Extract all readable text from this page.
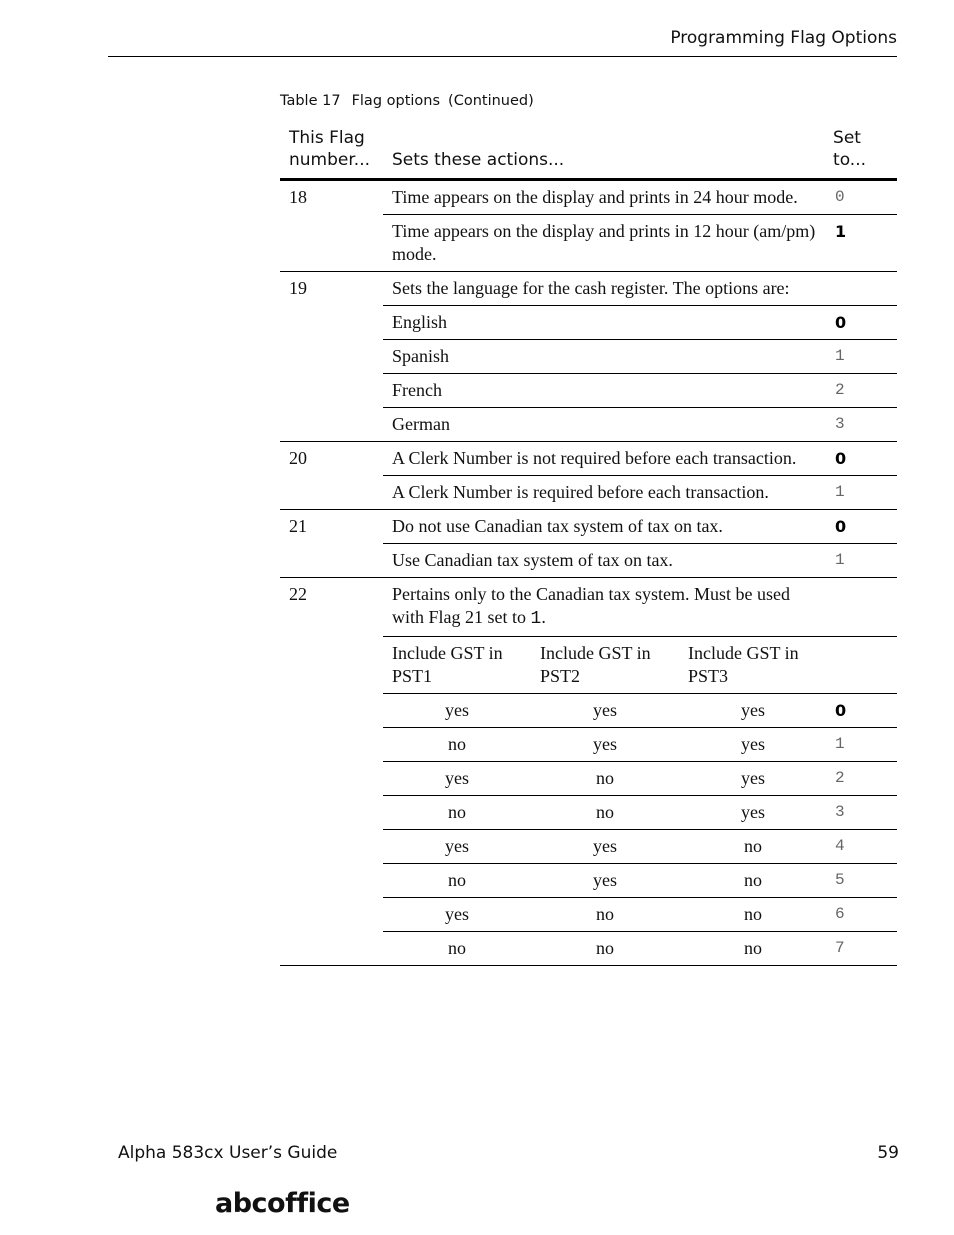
Programming Flag Options
Table 17 Flag options (Continued)
This Flag number...	Sets these actions...			Set to...
18	Time appears on the display and prints in 24 hour mode.			0
	Time appears on the display and prints in 12 hour (am/pm) mode.			1
19	Sets the language for the cash register. The options are:			
	English			0
	Spanish			1
	French			2
	German			3
20	A Clerk Number is not required before each transaction.			0
	A Clerk Number is required before each transaction.			1
21	Do not use Canadian tax system of tax on tax.			0
	Use Canadian tax system of tax on tax.			1
22	Pertains only to the Canadian tax system. Must be used with Flag 21 set to 1.			
	Include GST in PST1	Include GST in PST2	Include GST in PST3	
	yes	yes	yes	0
	no	yes	yes	1
	yes	no	yes	2
	no	no	yes	3
	yes	yes	no	4
	no	yes	no	5
	yes	no	no	6
	no	no	no	7
Alpha 583cx User’s Guide	59
abcoffice
